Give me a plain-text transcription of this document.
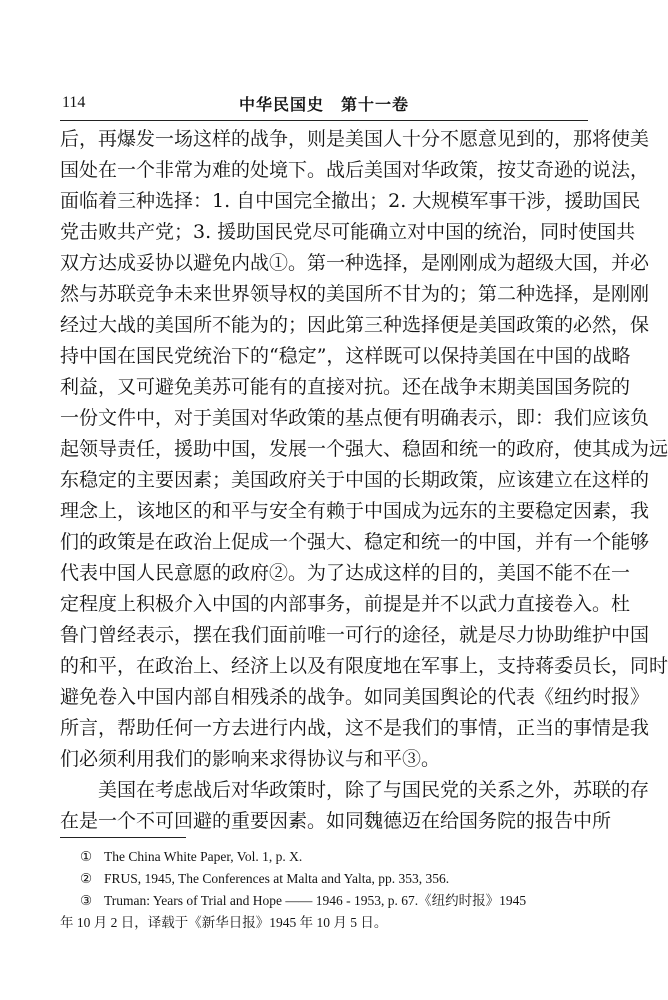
114	中华民国史　第十一卷
后，再爆发一场这样的战争，则是美国人十分不愿意见到的，那将使美
国处在一个非常为难的处境下。战后美国对华政策，按艾奇逊的说法，
面临着三种选择：1. 自中国完全撤出；2. 大规模军事干涉，援助国民
党击败共产党；3. 援助国民党尽可能确立对中国的统治，同时使国共
双方达成妥协以避免内战①。第一种选择，是刚刚成为超级大国，并必
然与苏联竞争未来世界领导权的美国所不甘为的；第二种选择，是刚刚
经过大战的美国所不能为的；因此第三种选择便是美国政策的必然，保
持中国在国民党统治下的“稳定”，这样既可以保持美国在中国的战略
利益，又可避免美苏可能有的直接对抗。还在战争末期美国国务院的
一份文件中，对于美国对华政策的基点便有明确表示，即：我们应该负
起领导责任，援助中国，发展一个强大、稳固和统一的政府，使其成为远
东稳定的主要因素；美国政府关于中国的长期政策，应该建立在这样的
理念上，该地区的和平与安全有赖于中国成为远东的主要稳定因素，我
们的政策是在政治上促成一个强大、稳定和统一的中国，并有一个能够
代表中国人民意愿的政府②。为了达成这样的目的，美国不能不在一
定程度上积极介入中国的内部事务，前提是并不以武力直接卷入。杜
鲁门曾经表示，摆在我们面前唯一可行的途径，就是尽力协助维护中国
的和平，在政治上、经济上以及有限度地在军事上，支持蒋委员长，同时
避免卷入中国内部自相残杀的战争。如同美国舆论的代表《纽约时报》
所言，帮助任何一方去进行内战，这不是我们的事情，正当的事情是我
们必须利用我们的影响来求得协议与和平③。
美国在考虑战后对华政策时，除了与国民党的关系之外，苏联的存
在是一个不可回避的重要因素。如同魏德迈在给国务院的报告中所
① The China White Paper, Vol. 1, p. X.
② FRUS, 1945, The Conferences at Malta and Yalta, pp. 353, 356.
③ Truman: Years of Trial and Hope —— 1946 - 1953, p. 67.《纽约时报》1945
年 10 月 2 日，译载于《新华日报》1945 年 10 月 5 日。
